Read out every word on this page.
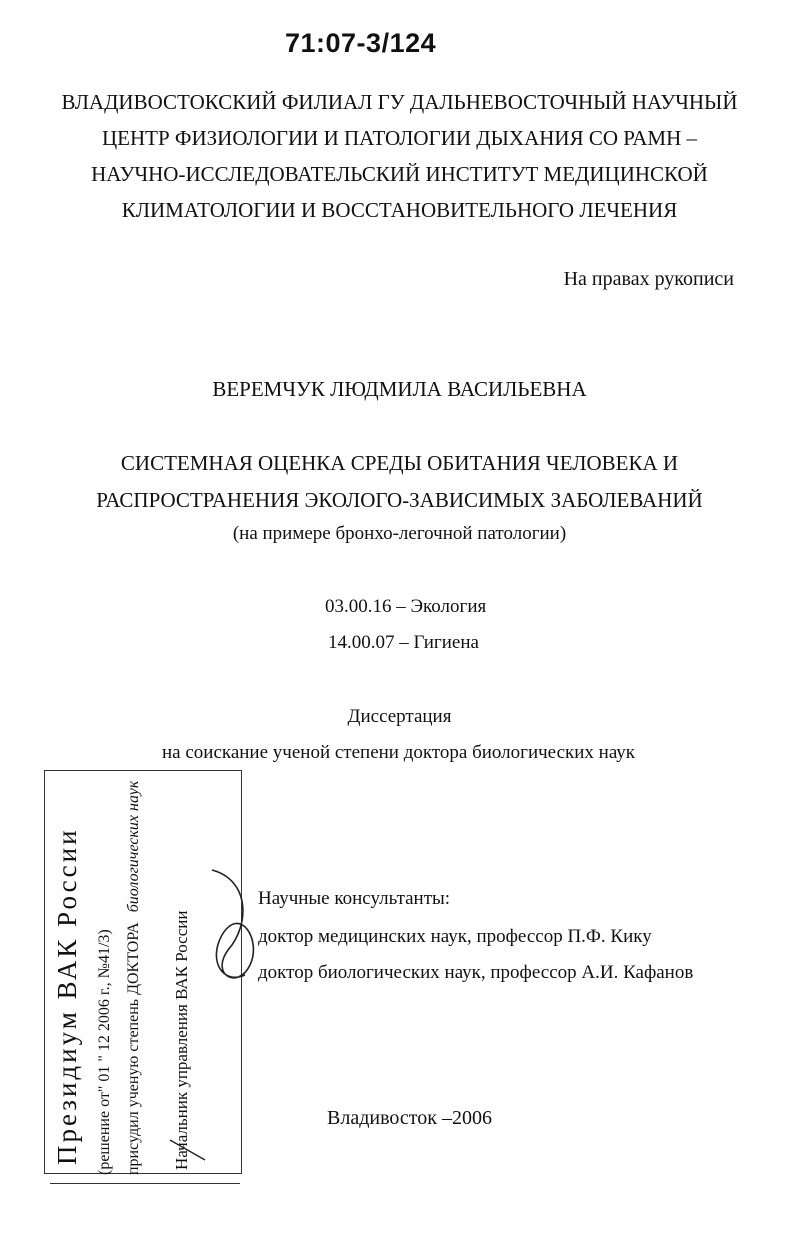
71:07-3/124
ВЛАДИВОСТОКСКИЙ ФИЛИАЛ ГУ ДАЛЬНЕВОСТОЧНЫЙ НАУЧНЫЙ
ЦЕНТР ФИЗИОЛОГИИ И ПАТОЛОГИИ ДЫХАНИЯ СО РАМН –
НАУЧНО-ИССЛЕДОВАТЕЛЬСКИЙ ИНСТИТУТ МЕДИЦИНСКОЙ
КЛИМАТОЛОГИИ И ВОССТАНОВИТЕЛЬНОГО ЛЕЧЕНИЯ
На правах рукописи
ВЕРЕМЧУК ЛЮДМИЛА ВАСИЛЬЕВНА
СИСТЕМНАЯ ОЦЕНКА СРЕДЫ ОБИТАНИЯ ЧЕЛОВЕКА И
РАСПРОСТРАНЕНИЯ ЭКОЛОГО-ЗАВИСИМЫХ ЗАБОЛЕВАНИЙ
(на примере бронхо-легочной патологии)
03.00.16 – Экология
14.00.07 – Гигиена
Диссертация
на соискание ученой степени доктора биологических наук
Научные консультанты:
доктор медицинских наук, профессор П.Ф. Кику
доктор биологических наук, профессор А.И. Кафанов
Владивосток –2006
Президиум ВАК России (решение от" 01 " 12 2006 г., №41/3) присудил ученую степень ДОКТОРА биологических наук
Начальник управления ВАК России
